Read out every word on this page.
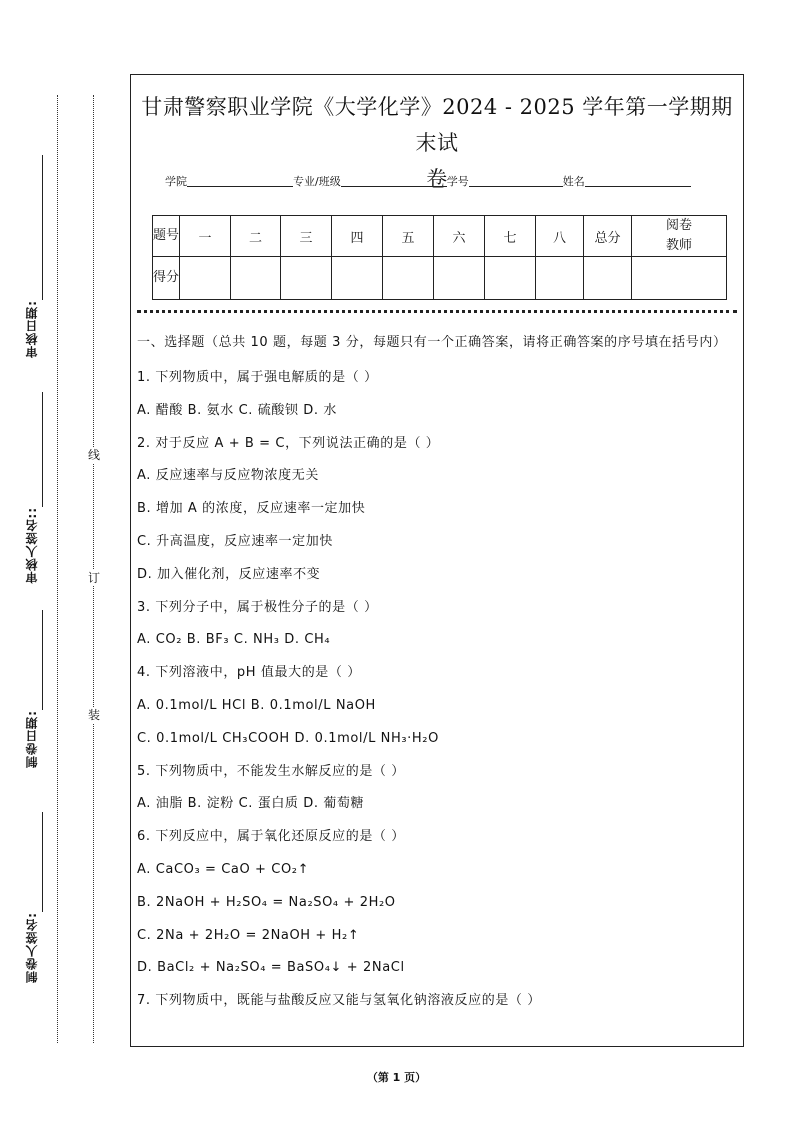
线
订
装
审核日期:
审核人签名::
制卷日期:
制卷人签名:
甘肃警察职业学院《大学化学》2024 - 2025 学年第一学期期末试
卷
学院	专业/班级	学号	姓名
题号	一	二	三	四	五	六	七	八	总分	阅卷教师
得分										
一、选择题（总共 10 题，每题 3 分，每题只有一个正确答案，请将正确答案的序号填在括号内）
1. 下列物质中，属于强电解质的是（ ）
A. 醋酸 B. 氨水 C. 硫酸钡 D. 水
2. 对于反应 A + B = C，下列说法正确的是（ ）
A. 反应速率与反应物浓度无关
B. 增加 A 的浓度，反应速率一定加快
C. 升高温度，反应速率一定加快
D. 加入催化剂，反应速率不变
3. 下列分子中，属于极性分子的是（ ）
A. CO₂ B. BF₃ C. NH₃ D. CH₄
4. 下列溶液中，pH 值最大的是（ ）
A. 0.1mol/L HCl B. 0.1mol/L NaOH
C. 0.1mol/L CH₃COOH D. 0.1mol/L NH₃·H₂O
5. 下列物质中，不能发生水解反应的是（ ）
A. 油脂 B. 淀粉 C. 蛋白质 D. 葡萄糖
6. 下列反应中，属于氧化还原反应的是（ ）
A. CaCO₃ = CaO + CO₂↑
B. 2NaOH + H₂SO₄ = Na₂SO₄ + 2H₂O
C. 2Na + 2H₂O = 2NaOH + H₂↑
D. BaCl₂ + Na₂SO₄ = BaSO₄↓ + 2NaCl
7. 下列物质中，既能与盐酸反应又能与氢氧化钠溶液反应的是（ ）
（第 1 页）
